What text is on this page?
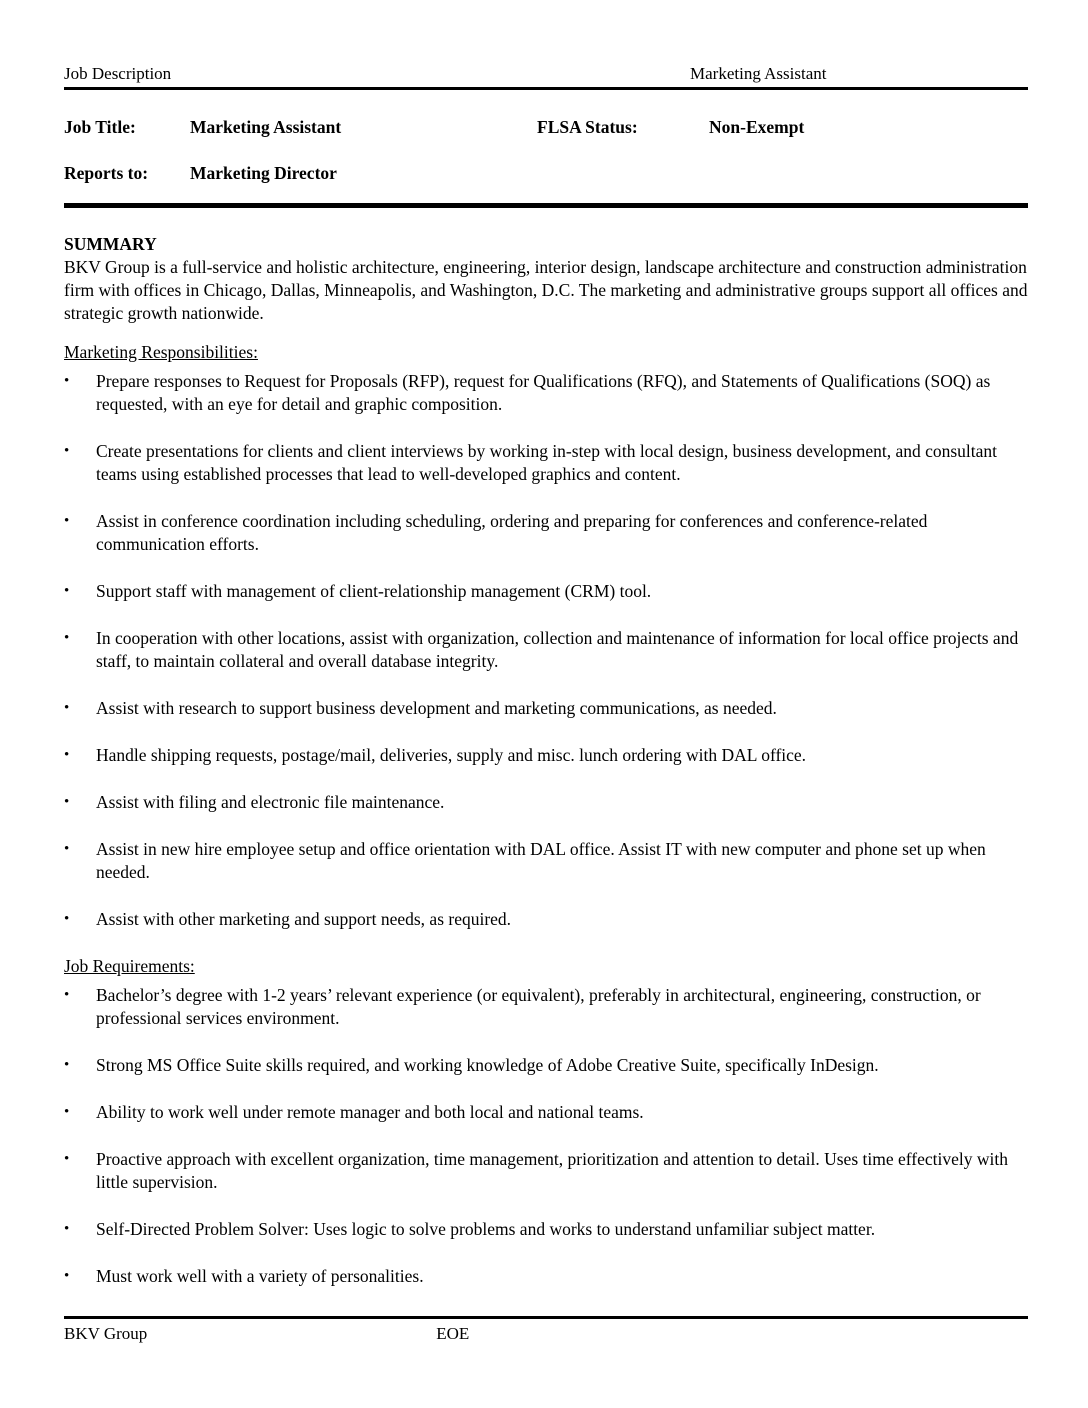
Job Description	Marketing Assistant
Job Title:	Marketing Assistant	FLSA Status:	Non-Exempt
Reports to:	Marketing Director
SUMMARY

BKV Group is a full-service and holistic architecture, engineering, interior design, landscape architecture and construction administration firm with offices in Chicago, Dallas, Minneapolis, and Washington, D.C. The marketing and administrative groups support all offices and strategic growth nationwide.

Marketing Responsibilities:
•	Prepare responses to Request for Proposals (RFP), request for Qualifications (RFQ), and Statements of Qualifications (SOQ) as requested, with an eye for detail and graphic composition.
•	Create presentations for clients and client interviews by working in-step with local design, business development, and consultant teams using established processes that lead to well-developed graphics and content.
•	Assist in conference coordination including scheduling, ordering and preparing for conferences and conference-related communication efforts.
•	Support staff with management of client-relationship management (CRM) tool.
•	In cooperation with other locations, assist with organization, collection and maintenance of information for local office projects and staff, to maintain collateral and overall database integrity.
•	Assist with research to support business development and marketing communications, as needed.
•	Handle shipping requests, postage/mail, deliveries, supply and misc. lunch ordering with DAL office.
•	Assist with filing and electronic file maintenance.
•	Assist in new hire employee setup and office orientation with DAL office. Assist IT with new computer and phone set up when needed.
•	Assist with other marketing and support needs, as required.
Job Requirements:
•	Bachelor’s degree with 1-2 years’ relevant experience (or equivalent), preferably in architectural, engineering, construction, or professional services environment.
•	Strong MS Office Suite skills required, and working knowledge of Adobe Creative Suite, specifically InDesign.
•	Ability to work well under remote manager and both local and national teams.
•	Proactive approach with excellent organization, time management, prioritization and attention to detail. Uses time effectively with little supervision.
•	Self-Directed Problem Solver: Uses logic to solve problems and works to understand unfamiliar subject matter.
•	Must work well with a variety of personalities.
BKV Group	EOE
